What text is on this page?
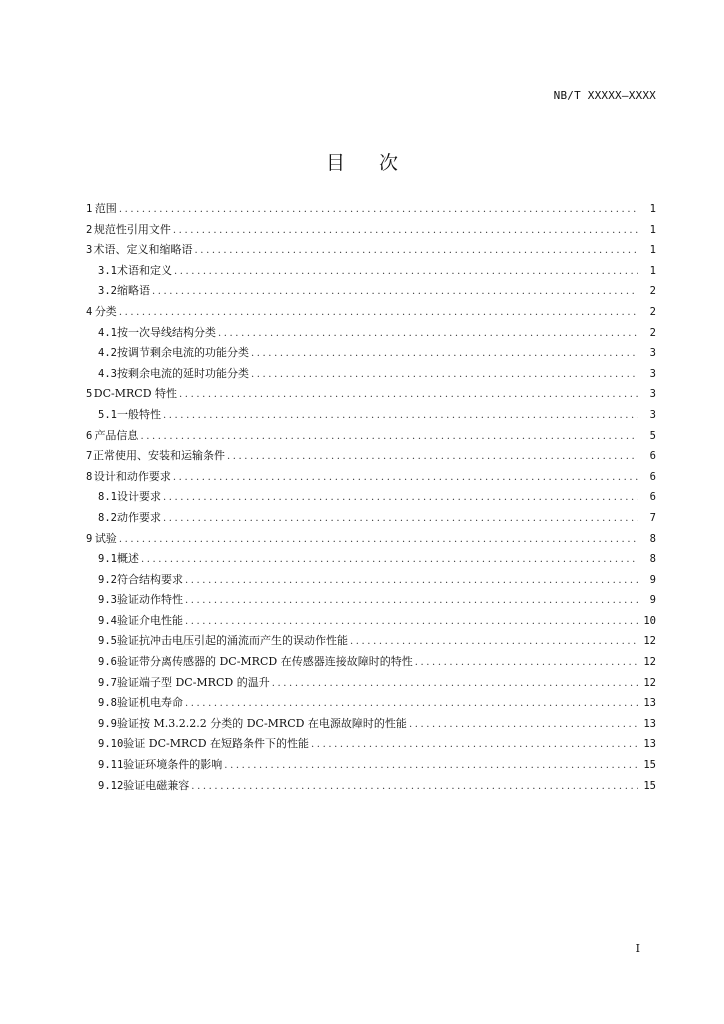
NB/T XXXXX—XXXX
目次
1 范围 .....	1
2 规范性引用文件 .....	1
3 术语、定义和缩略语 .....	1
3.1 术语和定义 .....	1
3.2 缩略语 .....	2
4 分类 .....	2
4.1 按一次导线结构分类 .....	2
4.2 按调节剩余电流的功能分类 .....	3
4.3 按剩余电流的延时功能分类 .....	3
5 DC-MRCD 特性 .....	3
5.1 一般特性 .....	3
6 产品信息 .....	5
7 正常使用、安装和运输条件 .....	6
8 设计和动作要求 .....	6
8.1 设计要求 .....	6
8.2 动作要求 .....	7
9 试验 .....	8
9.1 概述 .....	8
9.2 符合结构要求 .....	9
9.3 验证动作特性 .....	9
9.4 验证介电性能 .....	10
9.5 验证抗冲击电压引起的涌流而产生的误动作性能 .....	12
9.6 验证带分离传感器的 DC-MRCD 在传感器连接故障时的特性 .....	12
9.7 验证端子型 DC-MRCD 的温升 .....	12
9.8 验证机电寿命 .....	13
9.9 验证按 M.3.2.2.2 分类的 DC-MRCD 在电源故障时的性能 .....	13
9.10 验证 DC-MRCD 在短路条件下的性能 .....	13
9.11 验证环境条件的影响 .....	15
9.12 验证电磁兼容 .....	15
I
